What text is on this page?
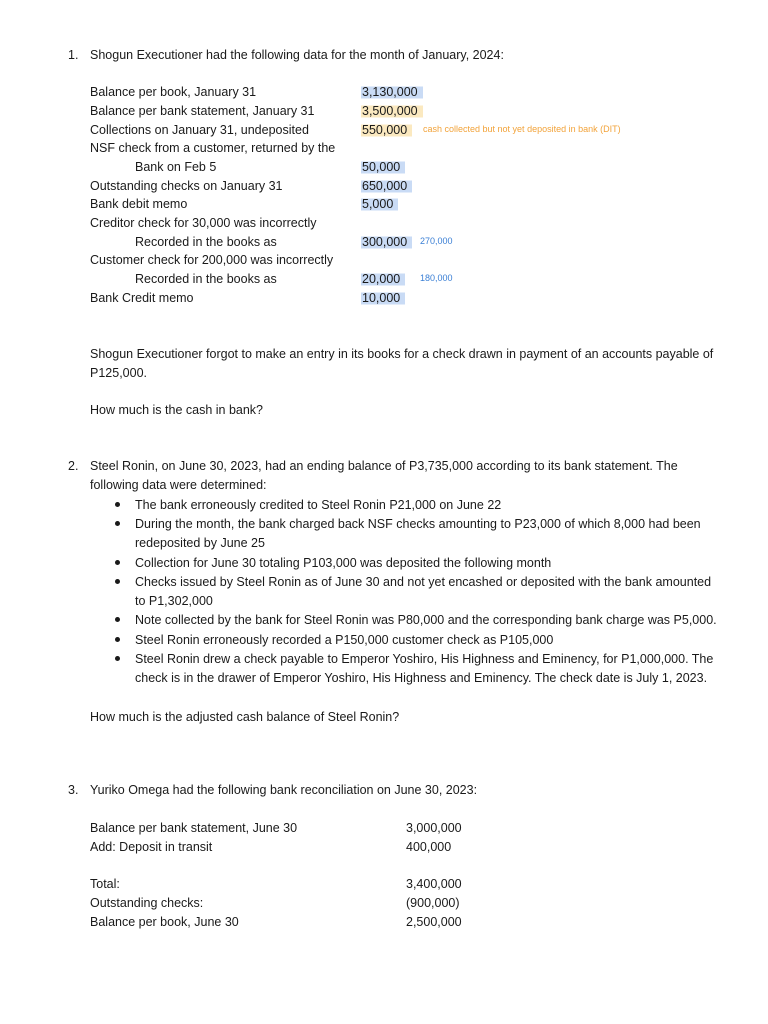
1. Shogun Executioner had the following data for the month of January, 2024:
Balance per book, January 31	3,130,000
Balance per bank statement, January 31	3,500,000
Collections on January 31, undeposited	550,000	cash collected but not yet deposited in bank (DIT)
NSF check from a customer, returned by the
Bank on Feb 5	50,000
Outstanding checks on January 31	650,000
Bank debit memo	5,000
Creditor check for 30,000 was incorrectly
Recorded in the books as	300,000	270,000
Customer check for 200,000 was incorrectly
Recorded in the books as	20,000	180,000
Bank Credit memo	10,000
Shogun Executioner forgot to make an entry in its books for a check drawn in payment of an accounts payable of
P125,000.
How much is the cash in bank?
2. Steel Ronin, on June 30, 2023, had an ending balance of P3,735,000 according to its bank statement. The
following data were determined:
The bank erroneously credited to Steel Ronin P21,000 on June 22
During the month, the bank charged back NSF checks amounting to P23,000 of which 8,000 had been
redeposited by June 25
Collection for June 30 totaling P103,000 was deposited the following month
Checks issued by Steel Ronin as of June 30 and not yet encashed or deposited with the bank amounted
to P1,302,000
Note collected by the bank for Steel Ronin was P80,000 and the corresponding bank charge was P5,000.
Steel Ronin erroneously recorded a P150,000 customer check as P105,000
Steel Ronin drew a check payable to Emperor Yoshiro, His Highness and Eminency, for P1,000,000. The
check is in the drawer of Emperor Yoshiro, His Highness and Eminency. The check date is July 1, 2023.
How much is the adjusted cash balance of Steel Ronin?
3. Yuriko Omega had the following bank reconciliation on June 30, 2023:
Balance per bank statement, June 30	3,000,000
Add: Deposit in transit	400,000
Total:	3,400,000
Outstanding checks:	(900,000)
Balance per book, June 30	2,500,000
